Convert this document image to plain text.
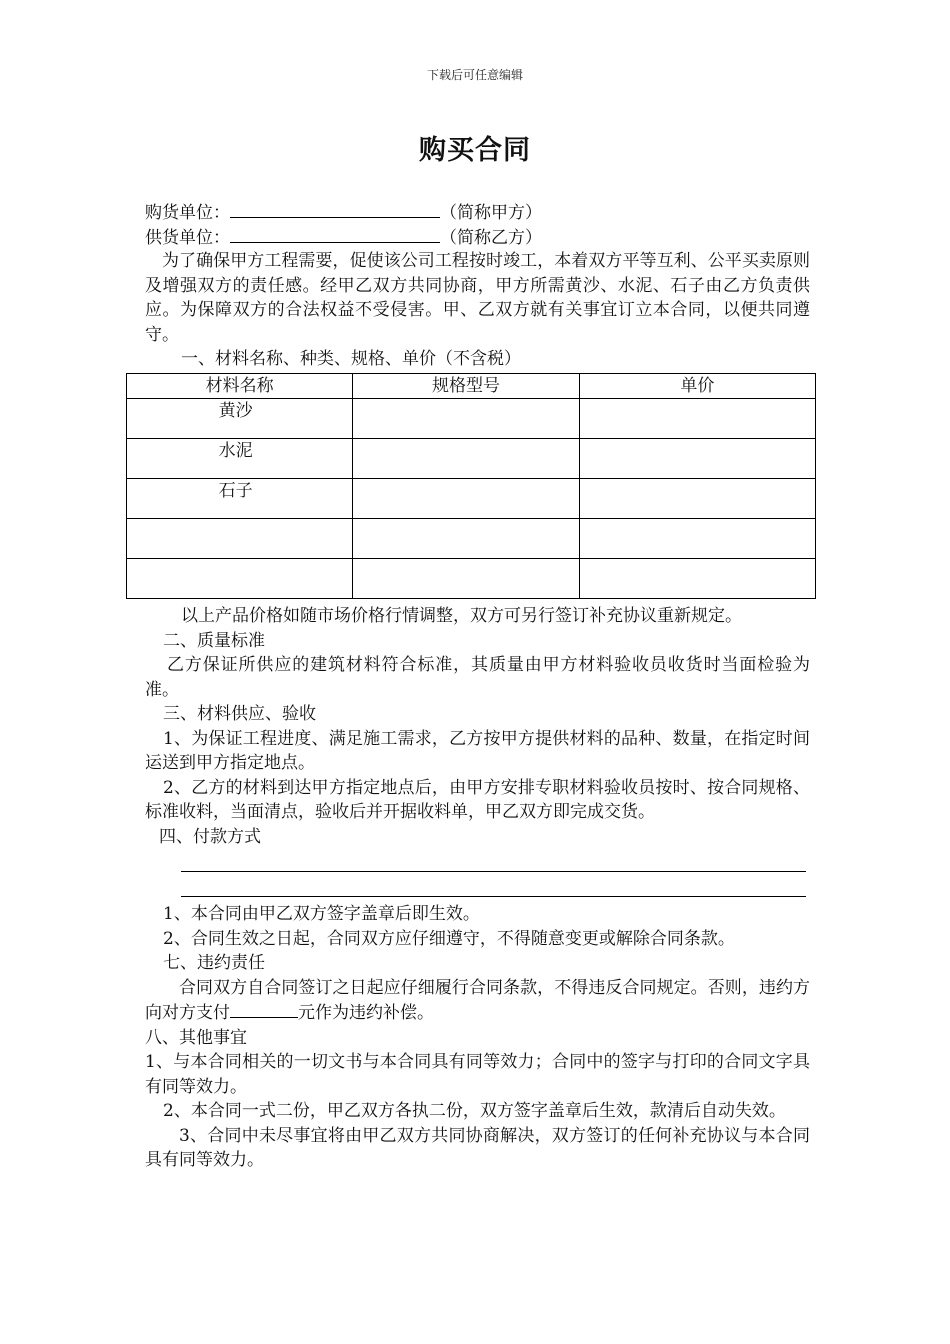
下载后可任意编辑
购买合同
购货单位：	（简称甲方）
供货单位：	（简称乙方）
为了确保甲方工程需要，促使该公司工程按时竣工，本着双方平等互利、公平买卖原则及增强双方的责任感。经甲乙双方共同协商，甲方所需黄沙、水泥、石子由乙方负责供应。为保障双方的合法权益不受侵害。甲、乙双方就有关事宜订立本合同，以便共同遵守。
一、材料名称、种类、规格、单价（不含税）
材料名称	规格型号	单价
黄沙		
水泥		
石子		

以上产品价格如随市场价格行情调整，双方可另行签订补充协议重新规定。
二、质量标准
乙方保证所供应的建筑材料符合标准，其质量由甲方材料验收员收货时当面检验为准。
三、材料供应、验收
1、为保证工程进度、满足施工需求，乙方按甲方提供材料的品种、数量，在指定时间运送到甲方指定地点。
2、乙方的材料到达甲方指定地点后，由甲方安排专职材料验收员按时、按合同规格、标准收料，当面清点，验收后并开据收料单，甲乙双方即完成交货。
四、付款方式
1、本合同由甲乙双方签字盖章后即生效。
2、合同生效之日起，合同双方应仔细遵守，不得随意变更或解除合同条款。
七、违约责任
合同双方自合同签订之日起应仔细履行合同条款，不得违反合同规定。否则，违约方向对方支付	元作为违约补偿。
八、其他事宜
1、与本合同相关的一切文书与本合同具有同等效力；合同中的签字与打印的合同文字具有同等效力。
2、本合同一式二份，甲乙双方各执二份，双方签字盖章后生效，款清后自动失效。
3、合同中未尽事宜将由甲乙双方共同协商解决，双方签订的任何补充协议与本合同具有同等效力。
